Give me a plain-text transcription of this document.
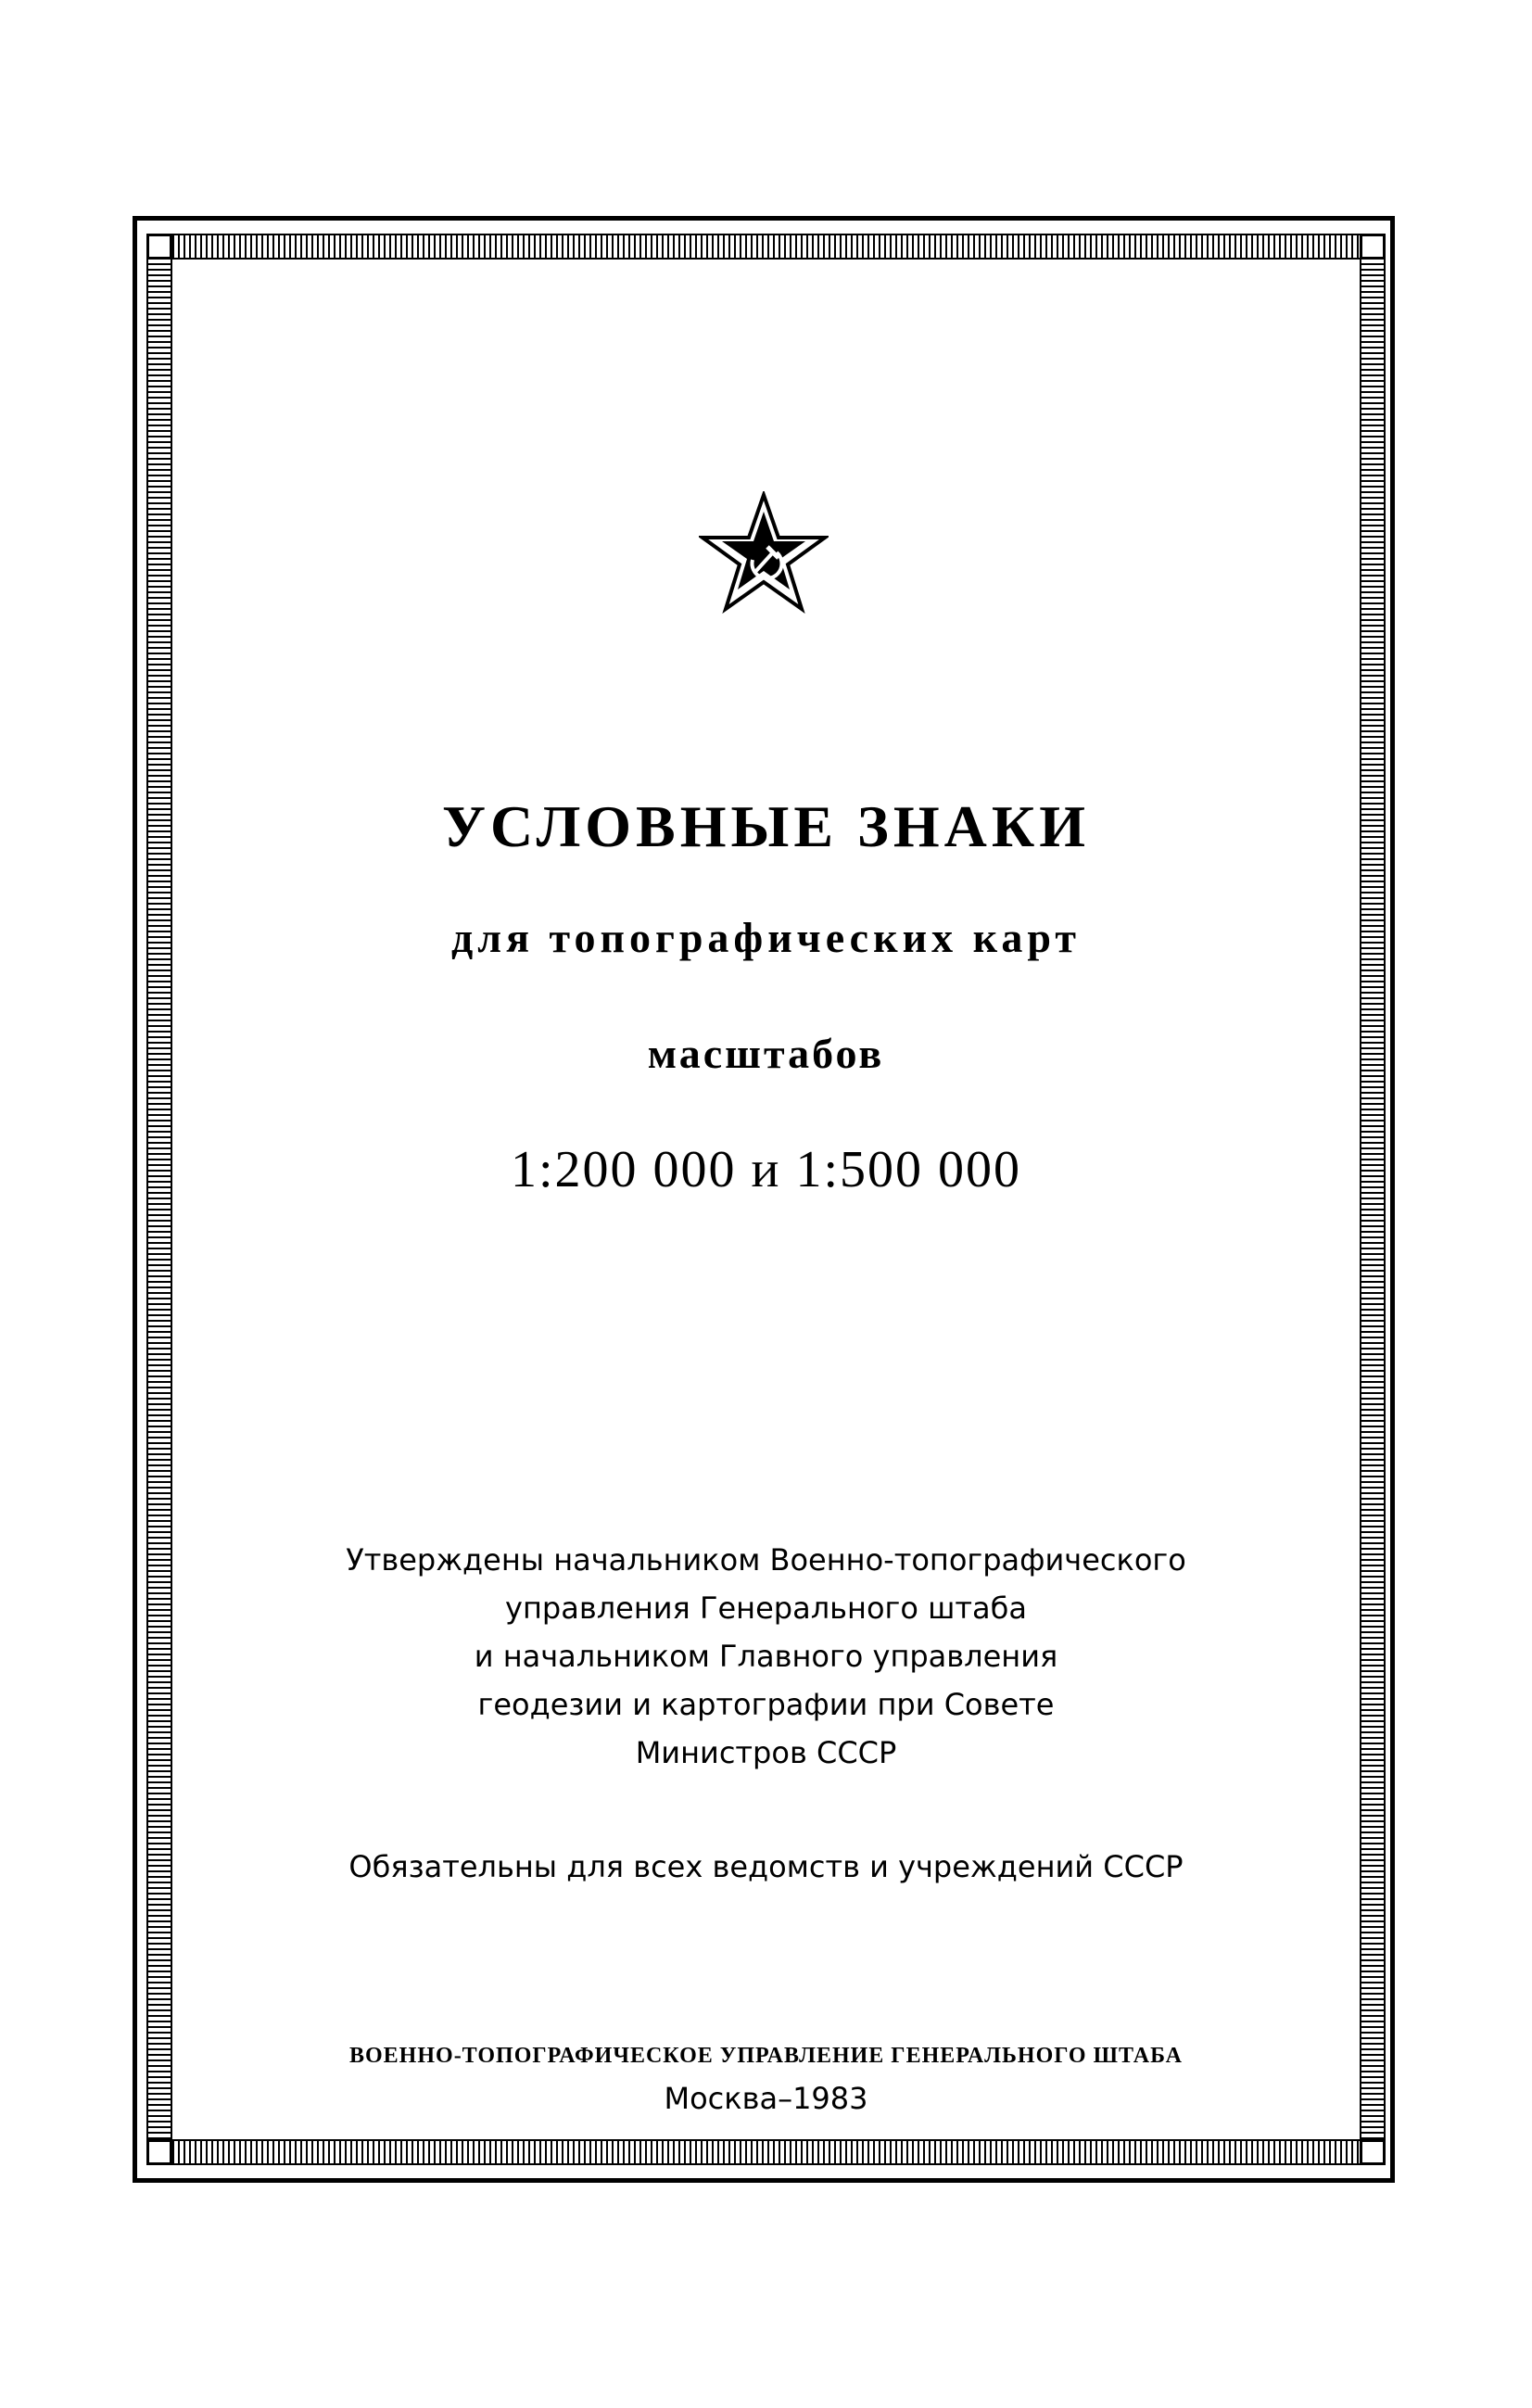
УСЛОВНЫЕ ЗНАКИ
для топографических карт
масштабов
1:200 000 и 1:500 000
Утверждены начальником Военно-топографического
управления Генерального штаба
и начальником Главного управления
геодезии и картографии при Совете
Министров СССР
Обязательны для всех ведомств и учреждений СССР
ВОЕННО-ТОПОГРАФИЧЕСКОЕ УПРАВЛЕНИЕ ГЕНЕРАЛЬНОГО ШТАБА
Москва–1983
